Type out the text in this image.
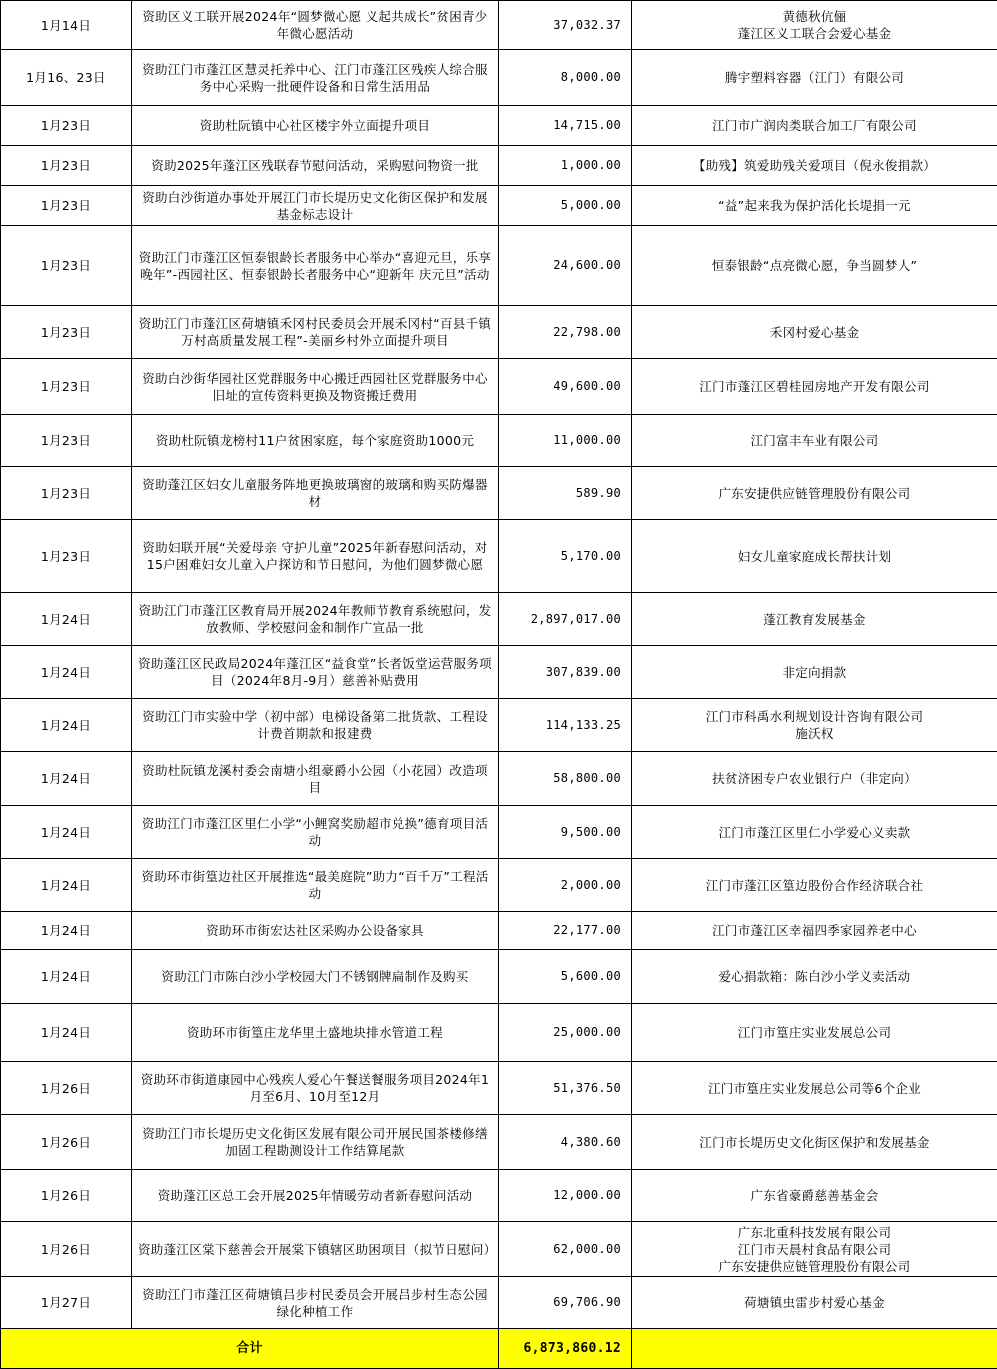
1月14日	资助区义工联开展2024年“圆梦微心愿 义起共成长”贫困青少年微心愿活动	37,032.37	黄德秋伉俪
蓬江区义工联合会爱心基金
1月16、23日	资助江门市蓬江区慧灵托养中心、江门市蓬江区残疾人综合服务中心采购一批硬件设备和日常生活用品	8,000.00	腾宇塑料容器（江门）有限公司
1月23日	资助杜阮镇中心社区楼宇外立面提升项目	14,715.00	江门市广润肉类联合加工厂有限公司
1月23日	资助2025年蓬江区残联春节慰问活动，采购慰问物资一批	1,000.00	【助残】筑爱助残关爱项目（倪永俊捐款）
1月23日	资助白沙街道办事处开展江门市长堤历史文化街区保护和发展基金标志设计	5,000.00	“益”起来我为保护活化长堤捐一元
1月23日	资助江门市蓬江区恒泰银龄长者服务中心举办“喜迎元旦，乐享晚年”-西园社区、恒泰银龄长者服务中心“迎新年 庆元旦”活动	24,600.00	恒泰银龄“点亮微心愿，争当圆梦人”
1月23日	资助江门市蓬江区荷塘镇禾冈村民委员会开展禾冈村“百县千镇万村高质量发展工程”-美丽乡村外立面提升项目	22,798.00	禾冈村爱心基金
1月23日	资助白沙街华园社区党群服务中心搬迁西园社区党群服务中心旧址的宣传资料更换及物资搬迁费用	49,600.00	江门市蓬江区碧桂园房地产开发有限公司
1月23日	资助杜阮镇龙榜村11户贫困家庭，每个家庭资助1000元	11,000.00	江门富丰车业有限公司
1月23日	资助蓬江区妇女儿童服务阵地更换玻璃窗的玻璃和购买防爆器材	589.90	广东安捷供应链管理股份有限公司
1月23日	资助妇联开展“关爱母亲 守护儿童”2025年新春慰问活动，对15户困难妇女儿童入户探访和节日慰问，为他们圆梦微心愿	5,170.00	妇女儿童家庭成长帮扶计划
1月24日	资助江门市蓬江区教育局开展2024年教师节教育系统慰问，发放教师、学校慰问金和制作广宣品一批	2,897,017.00	蓬江教育发展基金
1月24日	资助蓬江区民政局2024年蓬江区“益食堂”长者饭堂运营服务项目（2024年8月-9月）慈善补贴费用	307,839.00	非定向捐款
1月24日	资助江门市实验中学（初中部）电梯设备第二批货款、工程设计费首期款和报建费	114,133.25	江门市科禹水利规划设计咨询有限公司
施沃权
1月24日	资助杜阮镇龙溪村委会南塘小组豪爵小公园（小花园）改造项目	58,800.00	扶贫济困专户农业银行户（非定向）
1月24日	资助江门市蓬江区里仁小学“小鲤窝奖励超市兑换”德育项目活动	9,500.00	江门市蓬江区里仁小学爱心义卖款
1月24日	资助环市街篁边社区开展推选“最美庭院”助力“百千万”工程活动	2,000.00	江门市蓬江区篁边股份合作经济联合社
1月24日	资助环市街宏达社区采购办公设备家具	22,177.00	江门市蓬江区幸福四季家园养老中心
1月24日	资助江门市陈白沙小学校园大门不锈钢牌扁制作及购买	5,600.00	爱心捐款箱：陈白沙小学义卖活动
1月24日	资助环市街篁庄龙华里土盛地块排水管道工程	25,000.00	江门市篁庄实业发展总公司
1月26日	资助环市街道康园中心残疾人爱心午餐送餐服务项目2024年1月至6月、10月至12月	51,376.50	江门市篁庄实业发展总公司等6个企业
1月26日	资助江门市长堤历史文化街区发展有限公司开展民国茶楼修缮加固工程勘测设计工作结算尾款	4,380.60	江门市长堤历史文化街区保护和发展基金
1月26日	资助蓬江区总工会开展2025年情暖劳动者新春慰问活动	12,000.00	广东省豪爵慈善基金会
1月26日	资助蓬江区棠下慈善会开展棠下镇辖区助困项目（拟节日慰问）	62,000.00	广东北重科技发展有限公司
江门市天晨村食品有限公司
广东安捷供应链管理股份有限公司
1月27日	资助江门市蓬江区荷塘镇吕步村民委员会开展吕步村生态公园绿化种植工作	69,706.90	荷塘镇虫雷步村爱心基金
合计		6,873,860.12	
